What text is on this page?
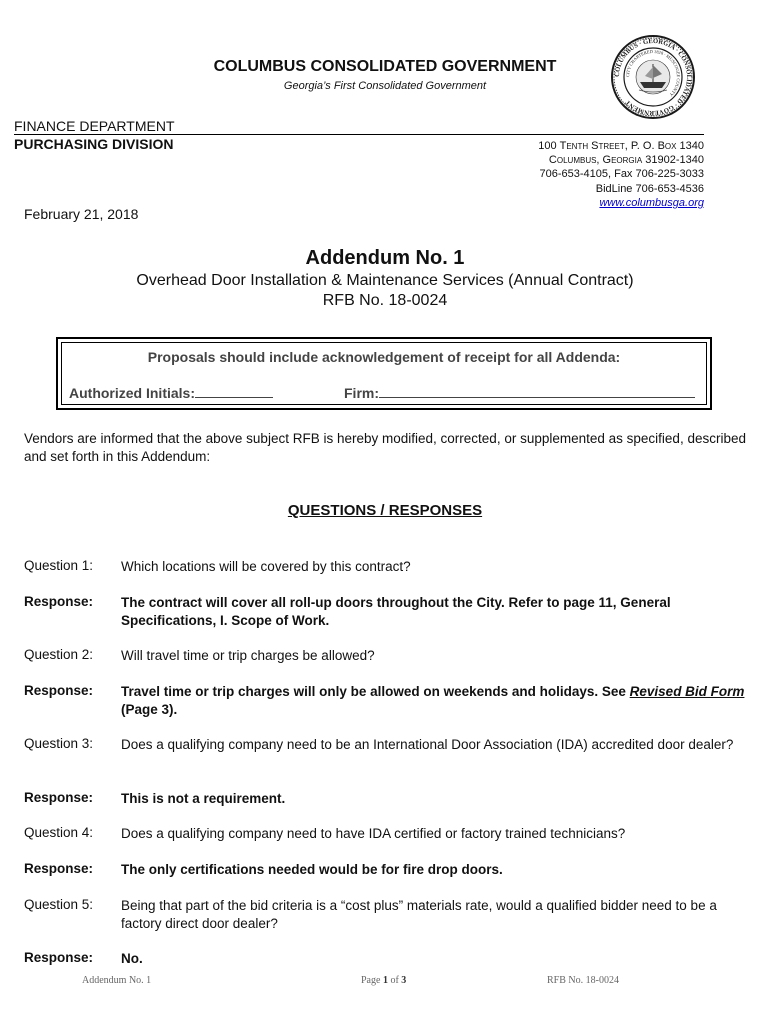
COLUMBUS CONSOLIDATED GOVERNMENT
Georgia’s First Consolidated Government
COLUMBUS · GEORGIA · CONSOLIDATED · GOVERNMENT
CITY CHARTERED 1828 · MUSCOGEE COUNTY
FINANCE DEPARTMENT
PURCHASING DIVISION	100 Tenth Street, P. O. Box 1340
Columbus, Georgia 31902-1340
706-653-4105, Fax 706-225-3033
BidLine 706-653-4536
www.columbusga.org
February 21, 2018
Addendum No. 1
Overhead Door Installation & Maintenance Services (Annual Contract)
RFB No. 18-0024
Proposals should include acknowledgement of receipt for all Addenda:
Authorized Initials:	Firm:
Vendors are informed that the above subject RFB is hereby modified, corrected, or supplemented as specified, described and set forth in this Addendum:
QUESTIONS / RESPONSES
Question 1: Which locations will be covered by this contract?
Response: The contract will cover all roll-up doors throughout the City. Refer to page 11, General Specifications, I. Scope of Work.
Question 2: Will travel time or trip charges be allowed?
Response: Travel time or trip charges will only be allowed on weekends and holidays. See Revised Bid Form (Page 3).
Question 3: Does a qualifying company need to be an International Door Association (IDA) accredited door dealer?
Response: This is not a requirement.
Question 4: Does a qualifying company need to have IDA certified or factory trained technicians?
Response: The only certifications needed would be for fire drop doors.
Question 5: Being that part of the bid criteria is a “cost plus” materials rate, would a qualified bidder need to be a factory direct door dealer?
Response: No.
Addendum No. 1	Page 1 of 3	RFB No. 18-0024
